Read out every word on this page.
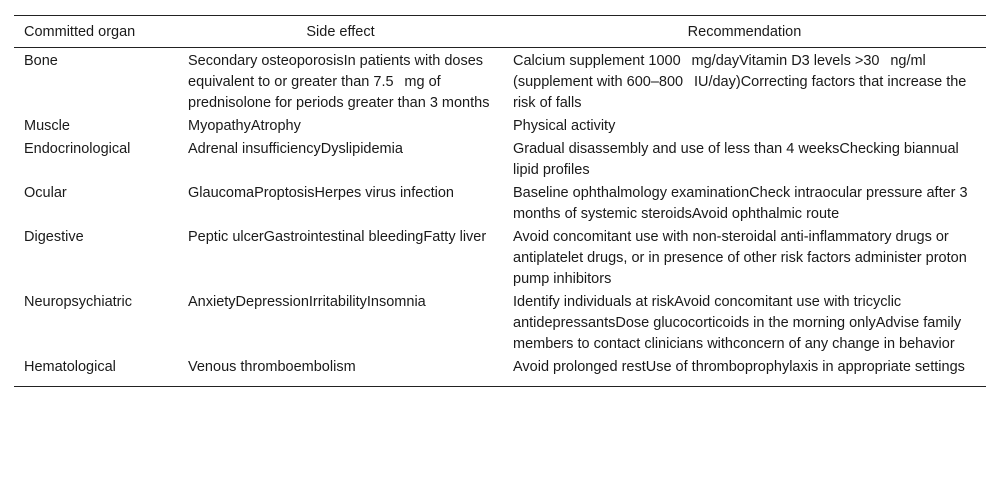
Committed organ	Side effect	Recommendation
Bone	Secondary osteoporosisIn patients with doses equivalent to or greater than 7.5   mg of prednisolone for periods greater than 3 months	Calcium supplement 1000   mg/dayVitamin D3 levels >30   ng/ml (supplement with 600–800   IU/day)Correcting factors that increase the risk of falls
Muscle	MyopathyAtrophy	Physical activity
Endocrinological	Adrenal insufficiencyDyslipidemia	Gradual disassembly and use of less than 4 weeksChecking biannual lipid profiles
Ocular	GlaucomaProptosisHerpes virus infection	Baseline ophthalmology examinationCheck intraocular pressure after 3 months of systemic steroidsAvoid ophthalmic route
Digestive	Peptic ulcerGastrointestinal bleedingFatty liver	Avoid concomitant use with non-steroidal anti-inflammatory drugs or antiplatelet drugs, or in presence of other risk factors administer proton pump inhibitors
Neuropsychiatric	AnxietyDepressionIrritabilityInsomnia	Identify individuals at riskAvoid concomitant use with tricyclic antidepressantsDose glucocorticoids in the morning onlyAdvise family members to contact clinicians withconcern of any change in behavior
Hematological	Venous thromboembolism	Avoid prolonged restUse of thromboprophylaxis in appropriate settings
